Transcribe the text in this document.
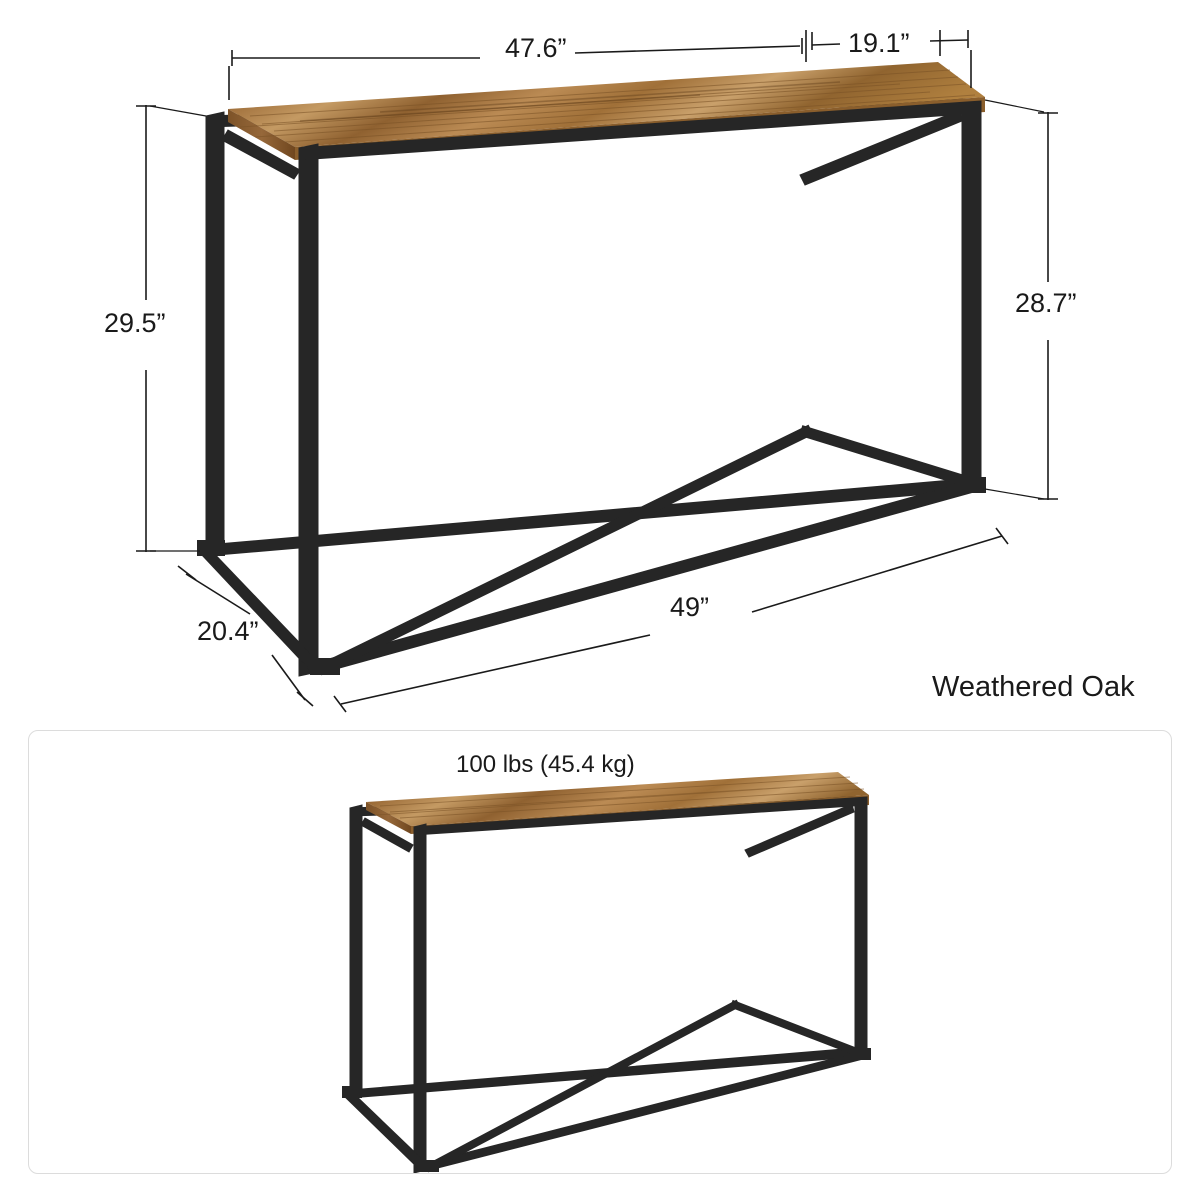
47.6”	19.1”
29.5”
28.7”
20.4”
49”
Weathered Oak
100 lbs (45.4 kg)
